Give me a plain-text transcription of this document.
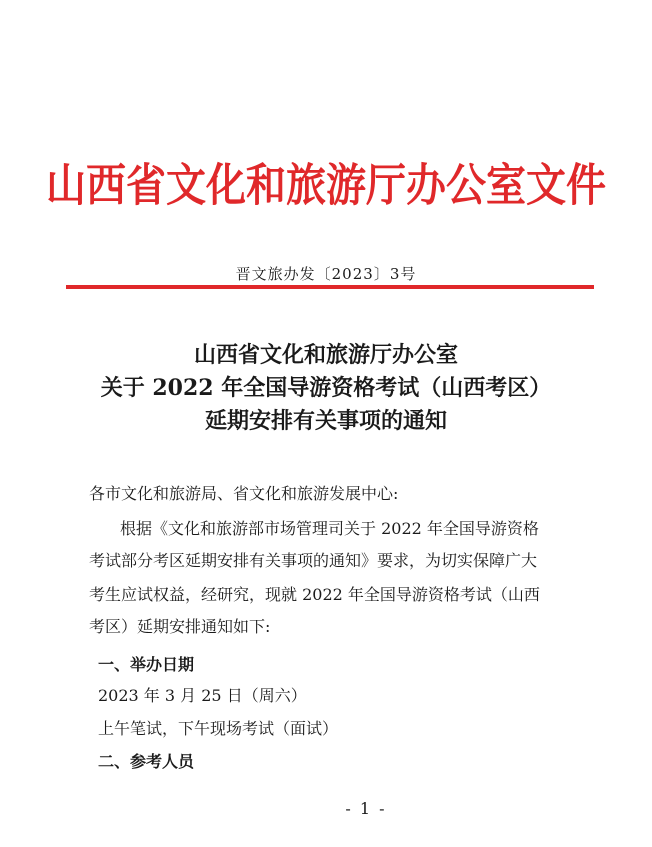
山西省文化和旅游厅办公室文件
晋文旅办发〔2023〕3号
山西省文化和旅游厅办公室
关于 2022 年全国导游资格考试（山西考区）
延期安排有关事项的通知
各市文化和旅游局、省文化和旅游发展中心:
根据《文化和旅游部市场管理司关于 2022 年全国导游资格
考试部分考区延期安排有关事项的通知》要求，为切实保障广大
考生应试权益，经研究，现就 2022 年全国导游资格考试（山西
考区）延期安排通知如下:
一、举办日期
2023 年 3 月 25 日（周六）
上午笔试，下午现场考试（面试）
二、参考人员
- 1 -
